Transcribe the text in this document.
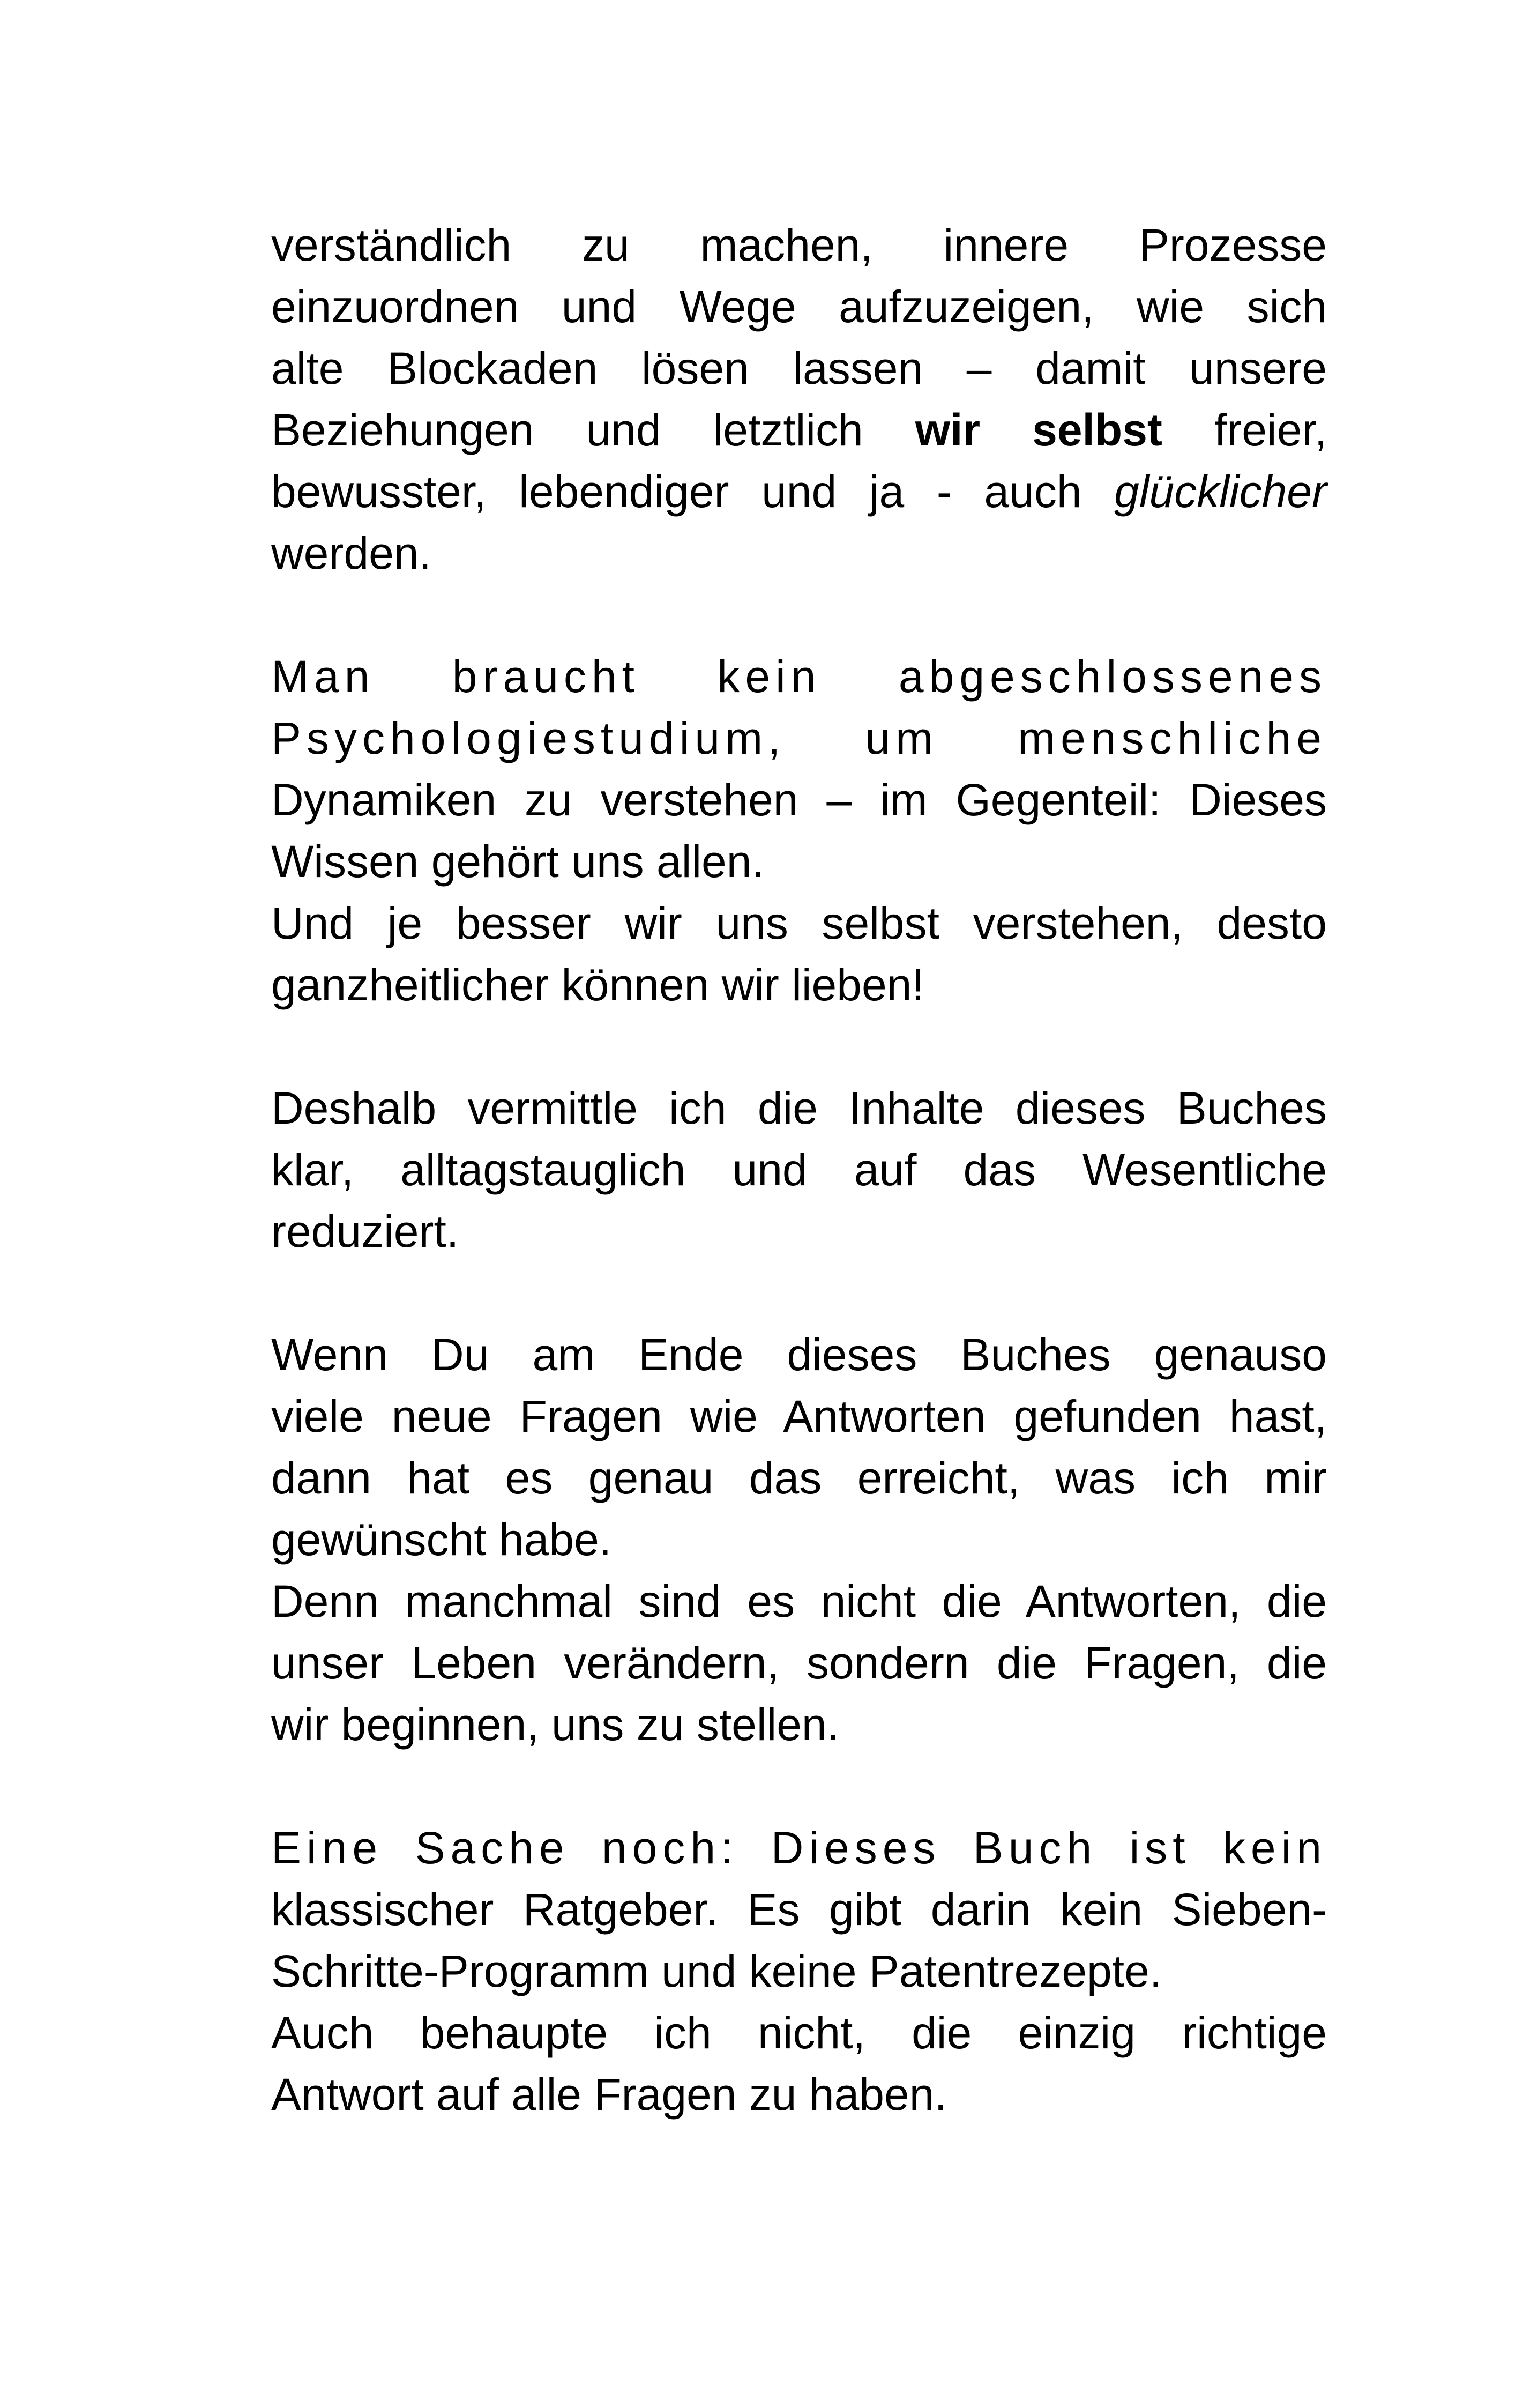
verständlich zu machen, innere Prozesse
einzuordnen und Wege aufzuzeigen, wie sich
alte Blockaden lösen lassen – damit unsere
Beziehungen und letztlich wir selbst freier,
bewusster, lebendiger und ja - auch glücklicher
werden.

Man braucht kein abgeschlossenes
Psychologiestudium, um menschliche
Dynamiken zu verstehen – im Gegenteil: Dieses
Wissen gehört uns allen.
Und je besser wir uns selbst verstehen, desto
ganzheitlicher können wir lieben!

Deshalb vermittle ich die Inhalte dieses Buches
klar, alltagstauglich und auf das Wesentliche
reduziert.

Wenn Du am Ende dieses Buches genauso
viele neue Fragen wie Antworten gefunden hast,
dann hat es genau das erreicht, was ich mir
gewünscht habe.
Denn manchmal sind es nicht die Antworten, die
unser Leben verändern, sondern die Fragen, die
wir beginnen, uns zu stellen.

Eine Sache noch: Dieses Buch ist kein
klassischer Ratgeber. Es gibt darin kein Sieben-
Schritte-Programm und keine Patentrezepte.
Auch behaupte ich nicht, die einzig richtige
Antwort auf alle Fragen zu haben.
